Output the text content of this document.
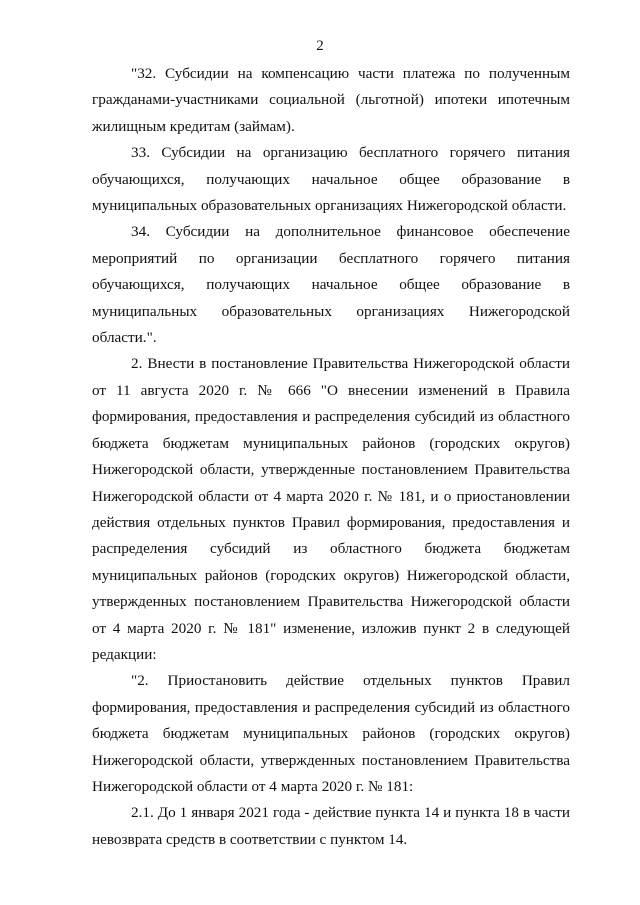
2

"32. Субсидии на компенсацию части платежа по полученным гражданами-участниками социальной (льготной) ипотеки ипотечным жилищным кредитам (займам).

33. Субсидии на организацию бесплатного горячего питания обучающихся, получающих начальное общее образование в муниципальных образовательных организациях Нижегородской области.

34. Субсидии на дополнительное финансовое обеспечение мероприятий по организации бесплатного горячего питания обучающихся, получающих начальное общее образование в муниципальных образовательных организациях Нижегородской области.".

2. Внести в постановление Правительства Нижегородской области от 11 августа 2020 г. № 666 "О внесении изменений в Правила формирования, предоставления и распределения субсидий из областного бюджета бюджетам муниципальных районов (городских округов) Нижегородской области, утвержденные постановлением Правительства Нижегородской области от 4 марта 2020 г. № 181, и о приостановлении действия отдельных пунктов Правил формирования, предоставления и распределения субсидий из областного бюджета бюджетам муниципальных районов (городских округов) Нижегородской области, утвержденных постановлением Правительства Нижегородской области от 4 марта 2020 г. № 181" изменение, изложив пункт 2 в следующей редакции:

"2. Приостановить действие отдельных пунктов Правил формирования, предоставления и распределения субсидий из областного бюджета бюджетам муниципальных районов (городских округов) Нижегородской области, утвержденных постановлением Правительства Нижегородской области от 4 марта 2020 г. № 181:

2.1. До 1 января 2021 года - действие пункта 14 и пункта 18 в части невозврата средств в соответствии с пунктом 14.
